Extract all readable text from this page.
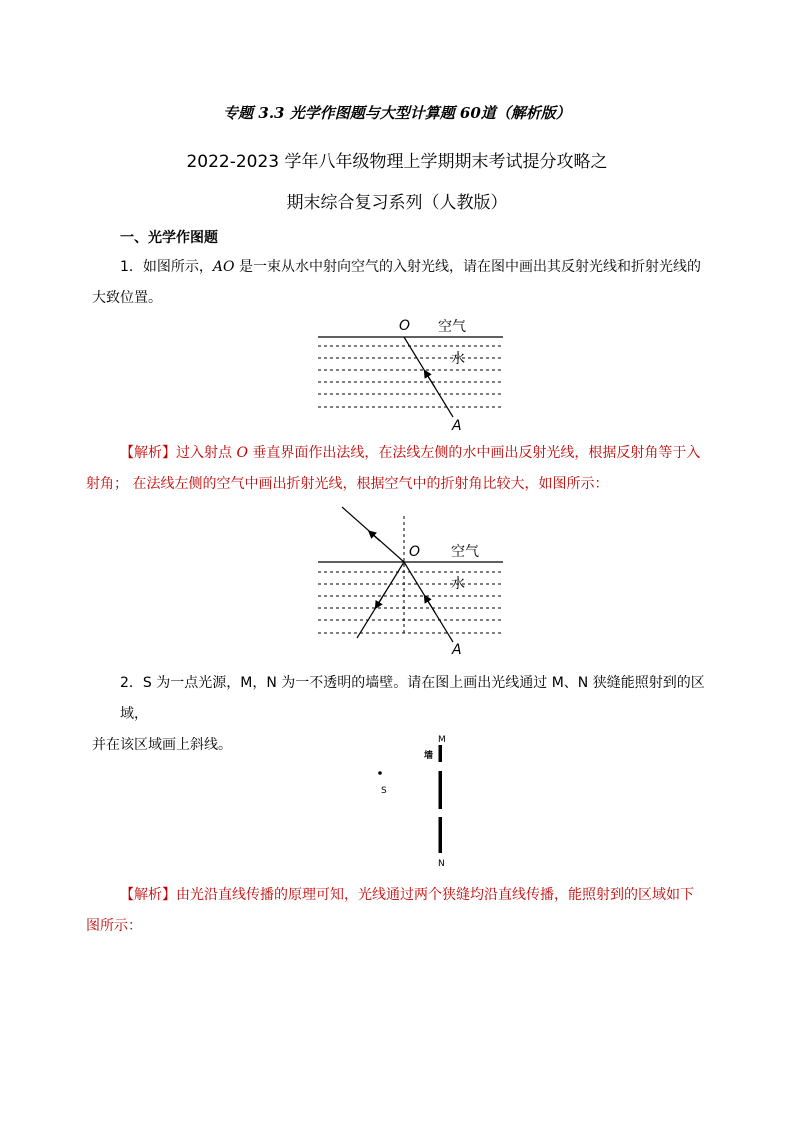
专题 3.3 光学作图题与大型计算题 60道（解析版）
2022-2023 学年八年级物理上学期期末考试提分攻略之
期末综合复习系列（人教版）
一、光学作图题
1．如图所示，AO 是一束从水中射向空气的入射光线，请在图中画出其反射光线和折射光线的
大致位置。
O 空气
水
A
【解析】过入射点 O 垂直界面作出法线，在法线左侧的水中画出反射光线，根据反射角等于入
射角； 在法线左侧的空气中画出折射光线，根据空气中的折射角比较大，如图所示：
O 空气
水
A
2．S 为一点光源，M，N 为一不透明的墙壁。请在图上画出光线通过 M、N 狭缝能照射到的区域，
并在该区域画上斜线。
S
墙
M
N
【解析】由光沿直线传播的原理可知，光线通过两个狭缝均沿直线传播，能照射到的区域如下
图所示：
